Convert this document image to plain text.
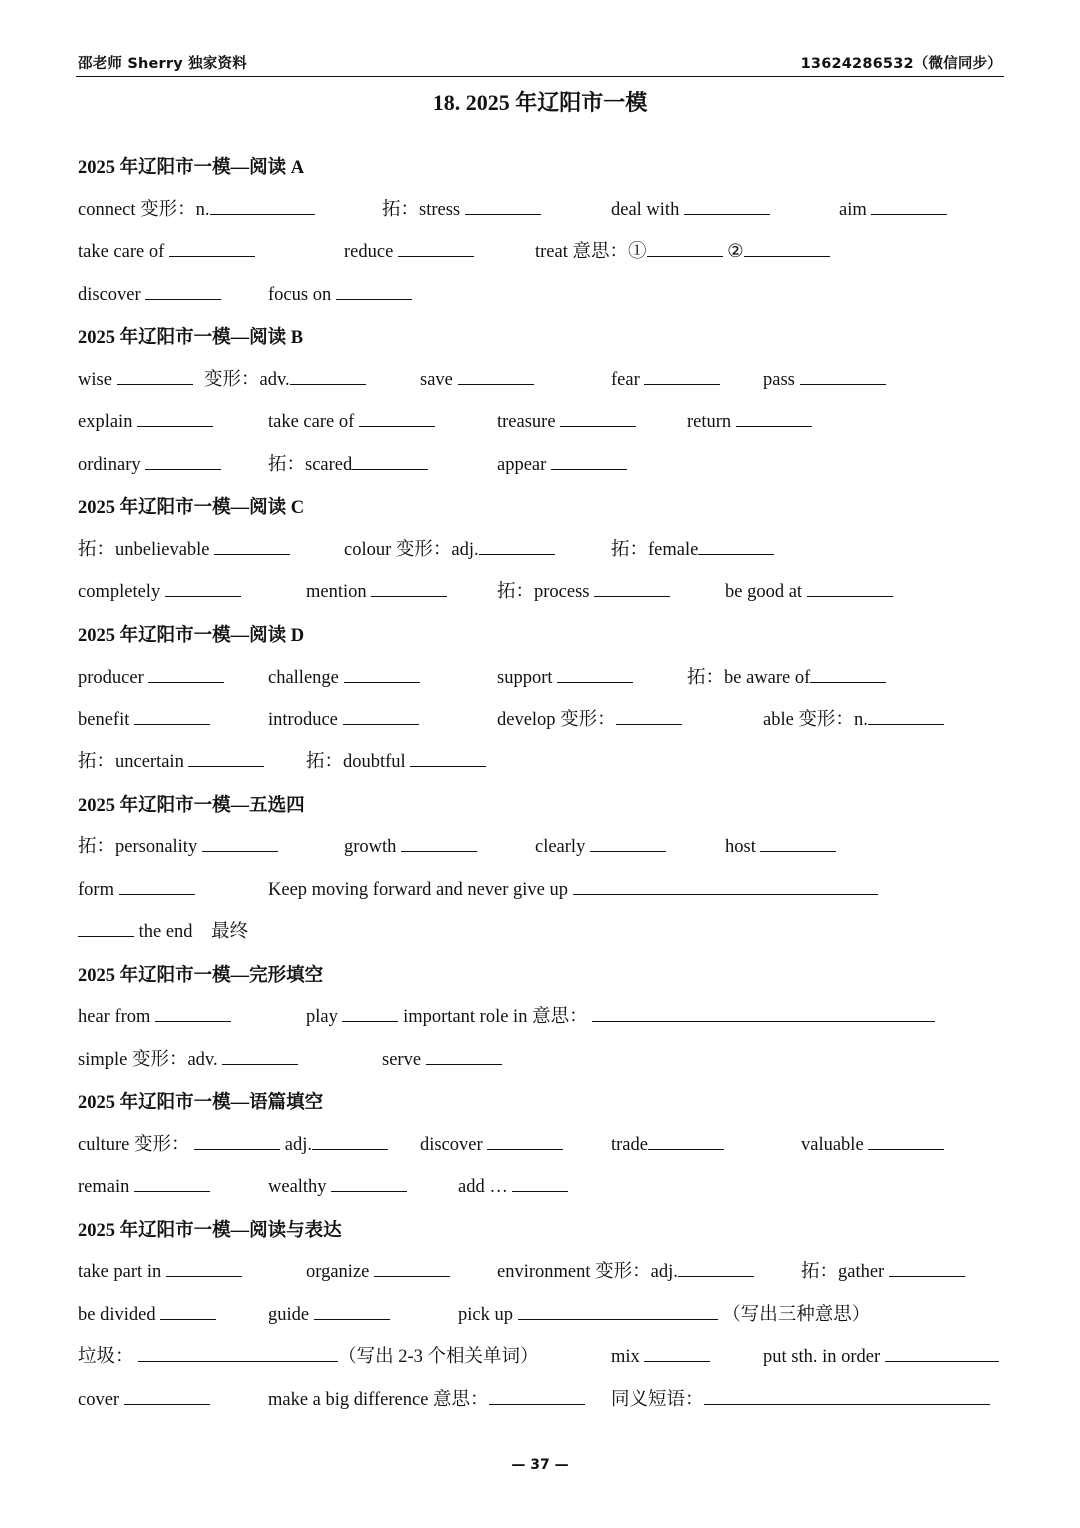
邵老师 Sherry 独家资料	13624286532（微信同步）
18. 2025 年辽阳市一模
2025 年辽阳市一模—阅读 A
connect 变形：n.	拓：stress	deal with	aim
take care of	reduce	treat 意思：①	②
discover	focus on
2025 年辽阳市一模—阅读 B
wise	变形：adv.	save	fear	pass
explain	take care of	treasure	return
ordinary	拓：scared	appear
2025 年辽阳市一模—阅读 C
拓：unbelievable	colour 变形：adj.	拓：female
completely	mention	拓：process	be good at
2025 年辽阳市一模—阅读 D
producer	challenge	support	拓：be aware of
benefit	introduce	develop 变形：	able 变形：n.
拓：uncertain	拓：doubtful
2025 年辽阳市一模—五选四
拓：personality	growth	clearly	host
form	Keep moving forward and never give up
the end 最终
2025 年辽阳市一模—完形填空
hear from	play	important role in 意思：
simple 变形：adv.	serve
2025 年辽阳市一模—语篇填空
culture 变形：	adj.	discover	trade	valuable
remain	wealthy	add …
2025 年辽阳市一模—阅读与表达
take part in	organize	environment 变形：adj.	拓：gather
be divided	guide	pick up	（写出三种意思）
垃圾：	（写出 2-3 个相关单词）	mix	put sth. in order
cover	make a big difference 意思：	同义短语：
— 37 —
